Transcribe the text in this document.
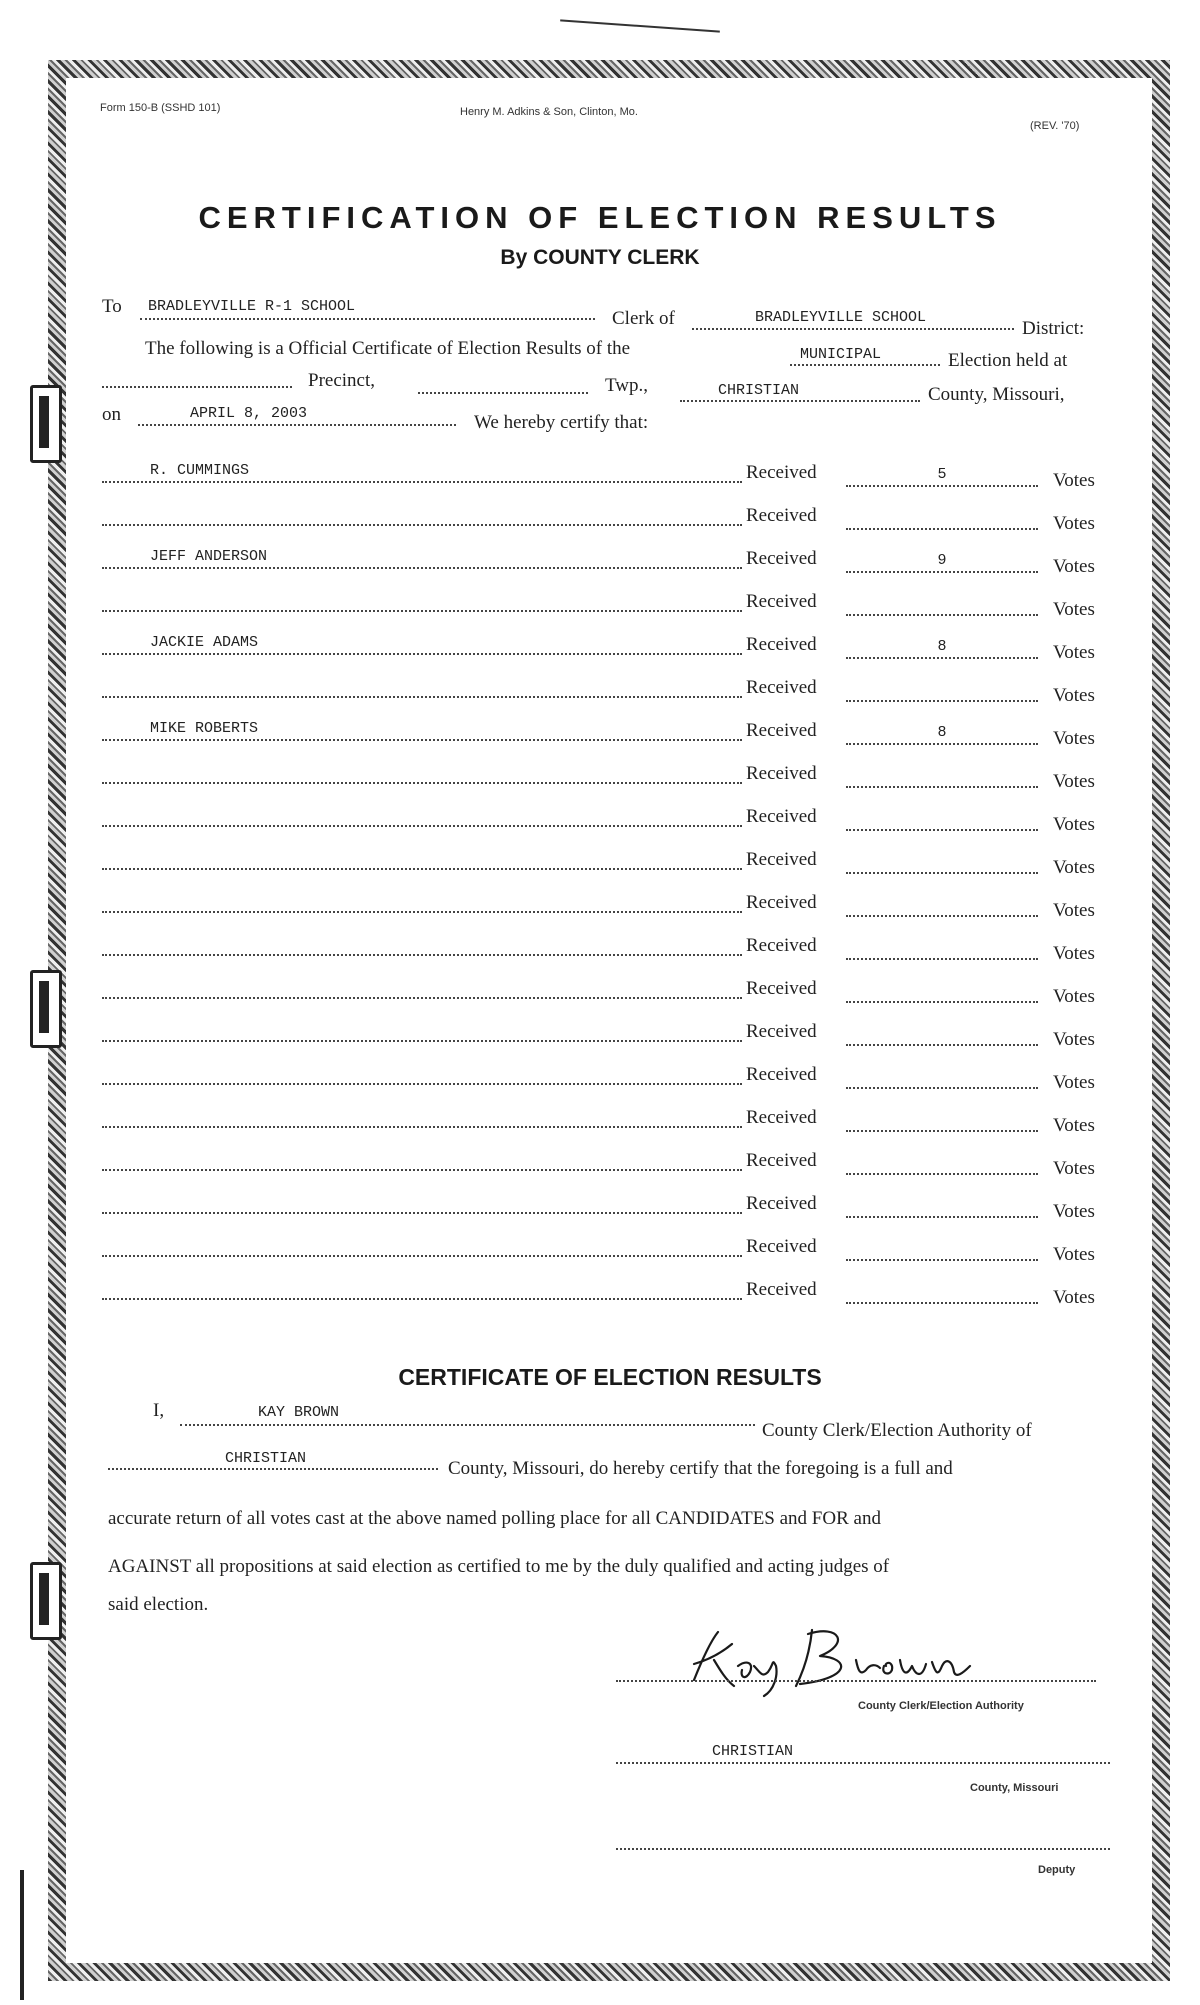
Form 150-B (SSHD 101)	Henry M. Adkins & Son, Clinton, Mo.
(REV. '70)
CERTIFICATION OF ELECTION RESULTS
By COUNTY CLERK
To BRADLEYVILLE R-1 SCHOOL
Clerk of	BRADLEYVILLE SCHOOL
District:
The following is a Official Certificate of Election Results of the	MUNICIPAL	Election held at
Precinct,	Twp.,	CHRISTIAN	County, Missouri,
on	APRIL 8, 2003	We hereby certify that:
R. CUMMINGS	Received	5	Votes
Received	Votes
JEFF ANDERSON	Received	9	Votes
Received	Votes
JACKIE ADAMS	Received	8	Votes
Received	Votes
MIKE ROBERTS	Received	8	Votes
Received	Votes
Received	Votes
Received	Votes
Received	Votes
Received	Votes
Received	Votes
Received	Votes
Received	Votes
Received	Votes
Received	Votes
Received	Votes
Received	Votes
Received	Votes
CERTIFICATE OF ELECTION RESULTS
I,	KAY BROWN
County Clerk/Election Authority of
CHRISTIAN	County, Missouri, do hereby certify that the foregoing is a full and
accurate return of all votes cast at the above named polling place for all CANDIDATES and FOR and
AGAINST all propositions at said election as certified to me by the duly qualified and acting judges of
said election.
County Clerk/Election Authority
CHRISTIAN
County, Missouri
Deputy
